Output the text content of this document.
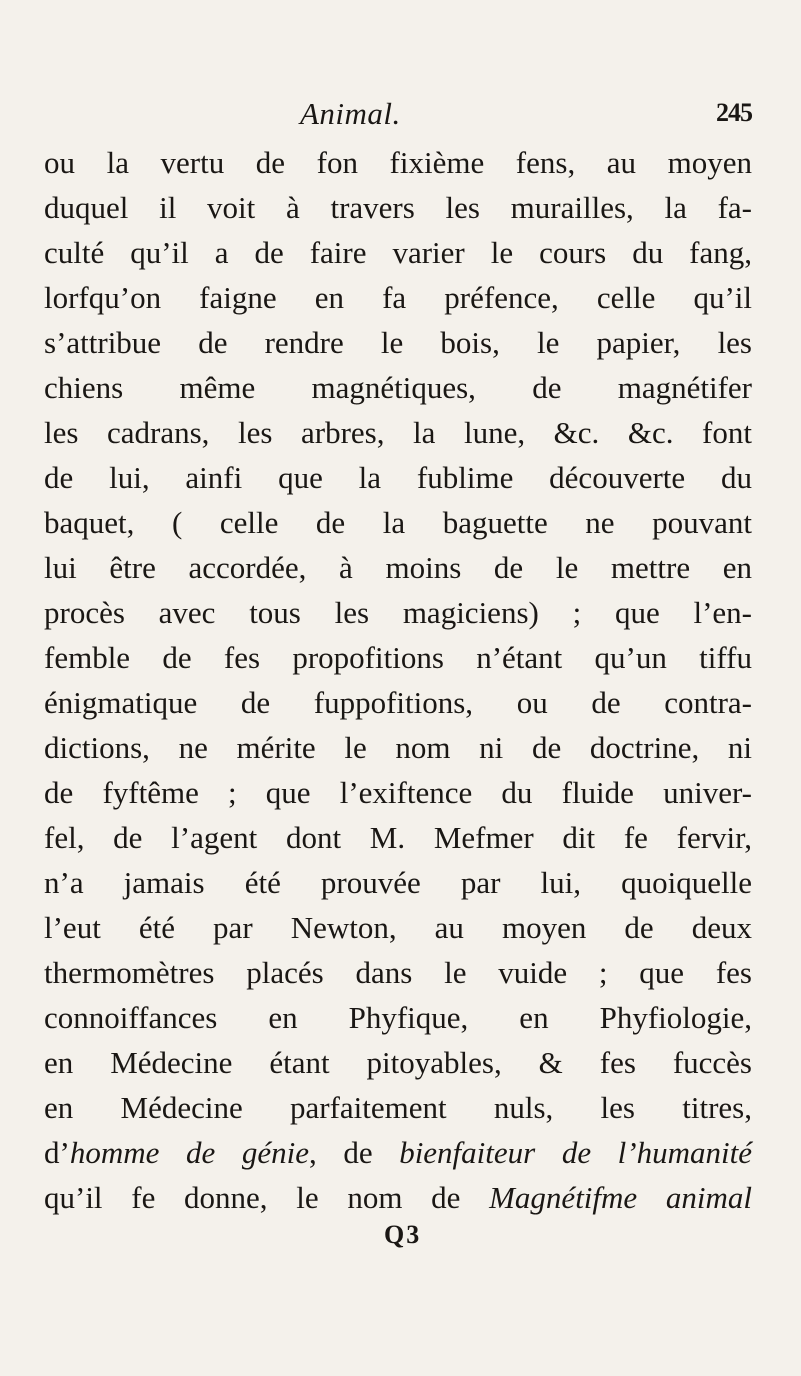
Animal.	245
ou la vertu de fon fixième fens, au moyen
duquel il voit à travers les murailles, la fa-
culté qu’il a de faire varier le cours du fang,
lorfqu’on faigne en fa préfence, celle qu’il
s’attribue de rendre le bois, le papier, les
chiens même magnétiques, de magnétifer
les cadrans, les arbres, la lune, &c. &c. font
de lui, ainfi que la fublime découverte du
baquet, ( celle de la baguette ne pouvant
lui être accordée, à moins de le mettre en
procès avec tous les magiciens) ; que l’en-
femble de fes propofitions n’étant qu’un tiffu
énigmatique de fuppofitions, ou de contra-
dictions, ne mérite le nom ni de doctrine, ni
de fyftême ; que l’exiftence du fluide univer-
fel, de l’agent dont M. Mefmer dit fe fervir,
n’a jamais été prouvée par lui, quoiquelle
l’eut été par Newton, au moyen de deux
thermomètres placés dans le vuide ; que fes
connoiffances en Phyfique, en Phyfiologie,
en Médecine étant pitoyables, & fes fuccès
en Médecine parfaitement nuls, les titres,
d’homme de génie, de bienfaiteur de l’humanité
qu’il fe donne, le nom de Magnétifme animal
Q3
